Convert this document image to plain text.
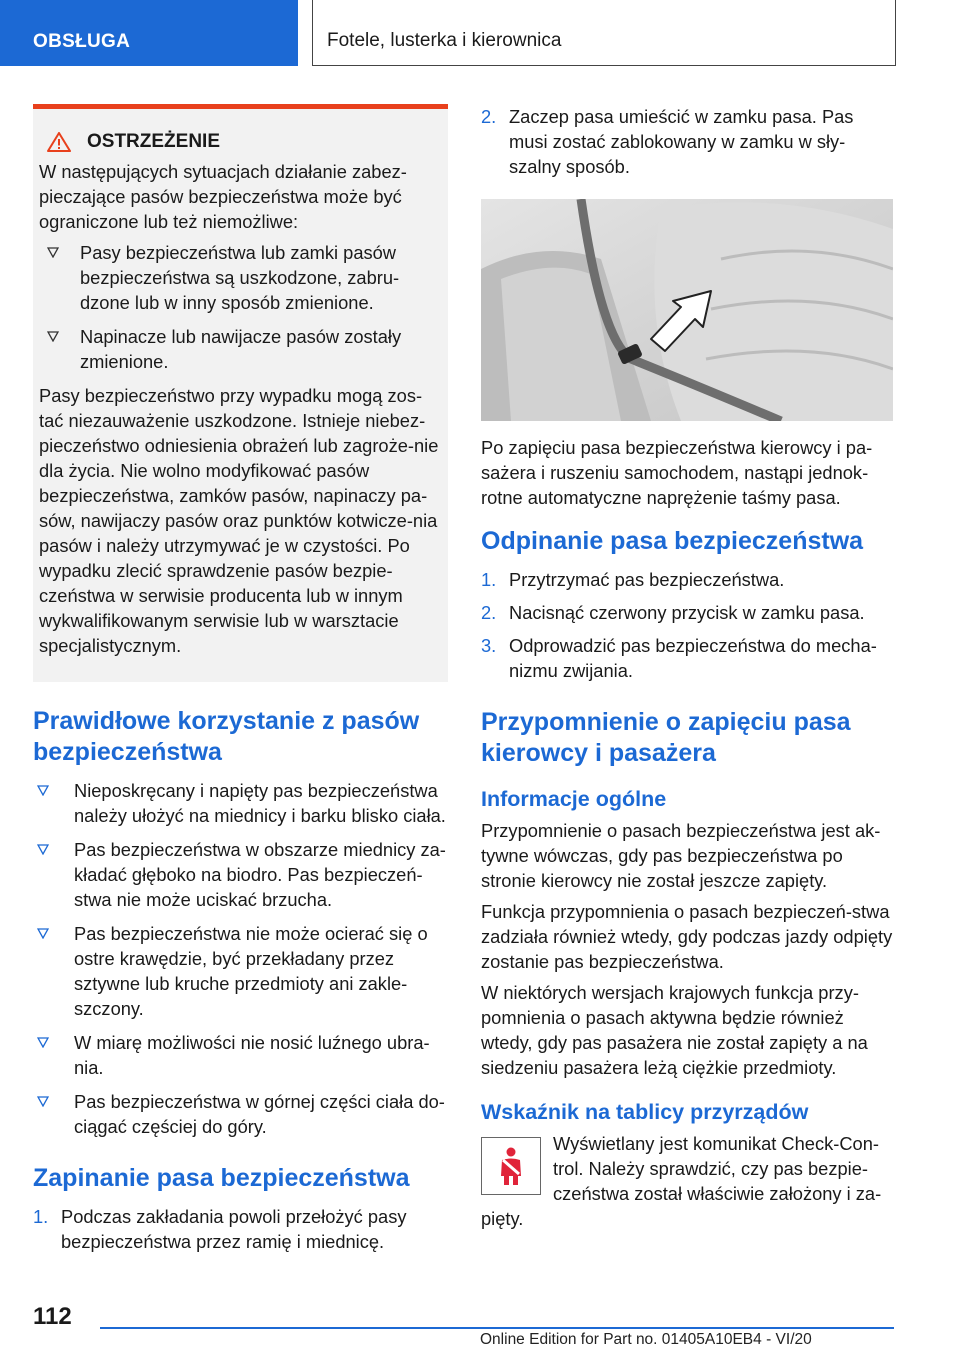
OBSŁUGA	Fotele, lusterka i kierownica
OSTRZEŻENIE

W następujących sytuacjach działanie zabez-pieczające pasów bezpieczeństwa może być ograniczone lub też niemożliwe:

Pasy bezpieczeństwa lub zamki pasów bezpieczeństwa są uszkodzone, zabru-dzone lub w inny sposób zmienione.
Napinacze lub nawijacze pasów zostały zmienione.

Pasy bezpieczeństwo przy wypadku mogą zos-tać niezauważenie uszkodzone. Istnieje niebez-pieczeństwo odniesienia obrażeń lub zagroże-nie dla życia. Nie wolno modyfikować pasów bezpieczeństwa, zamków pasów, napinaczy pa-sów, nawijaczy pasów oraz punktów kotwicze-nia pasów i należy utrzymywać je w czystości. Po wypadku zlecić sprawdzenie pasów bezpie-czeństwa w serwisie producenta lub w innym wykwalifikowanym serwisie lub w warsztacie specjalistycznym.

Prawidłowe korzystanie z pasów bezpieczeństwa
Nieposkręcany i napięty pas bezpieczeństwa należy ułożyć na miednicy i barku blisko ciała.
Pas bezpieczeństwa w obszarze miednicy za-kładać głęboko na biodro. Pas bezpieczeń-stwa nie może uciskać brzucha.
Pas bezpieczeństwa nie może ocierać się o ostre krawędzie, być przekładany przez sztywne lub kruche przedmioty ani zakle-szczony.
W miarę możliwości nie nosić luźnego ubra-nia.
Pas bezpieczeństwa w górnej części ciała do-ciągać częściej do góry.
Zapinanie pasa bezpieczeństwa
1. Podczas zakładania powoli przełożyć pasy bezpieczeństwa przez ramię i miednicę.
2. Zaczep pasa umieścić w zamku pasa. Pas musi zostać zablokowany w zamku w sły-szalny sposób.

Po zapięciu pasa bezpieczeństwa kierowcy i pa-sażera i ruszeniu samochodem, nastąpi jednok-rotne automatyczne naprężenie taśmy pasa.

Odpinanie pasa bezpieczeństwa
1. Przytrzymać pas bezpieczeństwa.
2. Nacisnąć czerwony przycisk w zamku pasa.
3. Odprowadzić pas bezpieczeństwa do mecha-nizmu zwijania.
Przypomnienie o zapięciu pasa kierowcy i pasażera
Informacje ogólne

Przypomnienie o pasach bezpieczeństwa jest ak-tywne wówczas, gdy pas bezpieczeństwa po stronie kierowcy nie został jeszcze zapięty.

Funkcja przypomnienia o pasach bezpieczeń-stwa zadziała również wtedy, gdy podczas jazdy odpięty zostanie pas bezpieczeństwa.

W niektórych wersjach krajowych funkcja przy-pomnienia o pasach aktywna będzie również wtedy, gdy pas pasażera nie został zapięty a na siedzeniu pasażera leżą ciężkie przedmioty.

Wskaźnik na tablicy przyrządów

Wyświetlany jest komunikat Check-Con-trol. Należy sprawdzić, czy pas bezpie-czeństwa został właściwie założony i za-pięty.

112
Online Edition for Part no. 01405A10EB4 - VI/20
